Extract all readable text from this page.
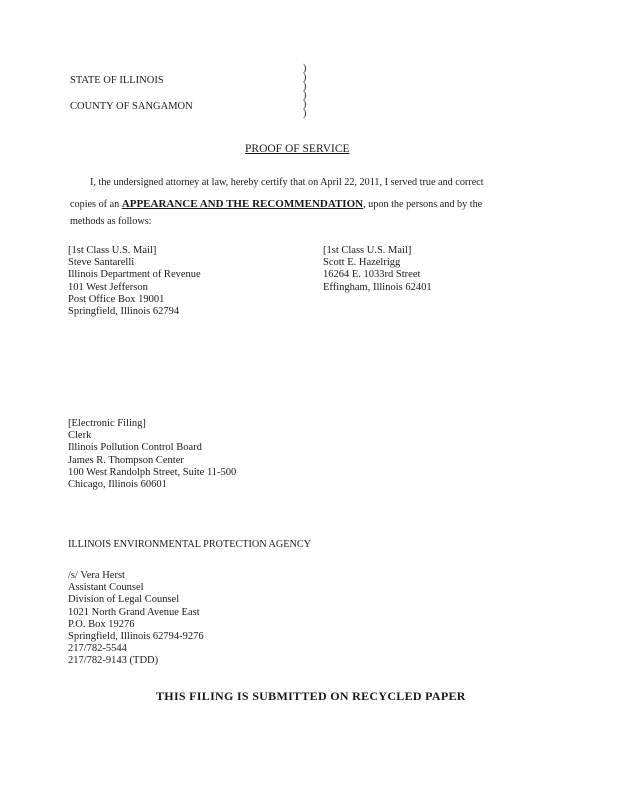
STATE OF ILLINOIS
COUNTY OF SANGAMON
)
)
)
)
)
)
PROOF OF SERVICE
I, the undersigned attorney at law, hereby certify that on April 22, 2011, I served true and correct
copies of an APPEARANCE AND THE RECOMMENDATION, upon the persons and by the
methods as follows:
[1st Class U.S. Mail]
Steve Santarelli
Illinois Department of Revenue
101 West Jefferson
Post Office Box 19001
Springfield, Illinois 62794
[1st Class U.S. Mail]
Scott E. Hazelrigg
16264 E. 1033rd Street
Effingham, Illinois 62401
[Electronic Filing]
Clerk
Illinois Pollution Control Board
James R. Thompson Center
100 West Randolph Street, Suite 11-500
Chicago, Illinois 60601
ILLINOIS ENVIRONMENTAL PROTECTION AGENCY
/s/ Vera Herst
Assistant Counsel
Division of Legal Counsel
1021 North Grand Avenue East
P.O. Box 19276
Springfield, Illinois 62794-9276
217/782-5544
217/782-9143 (TDD)
THIS FILING IS SUBMITTED ON RECYCLED PAPER
